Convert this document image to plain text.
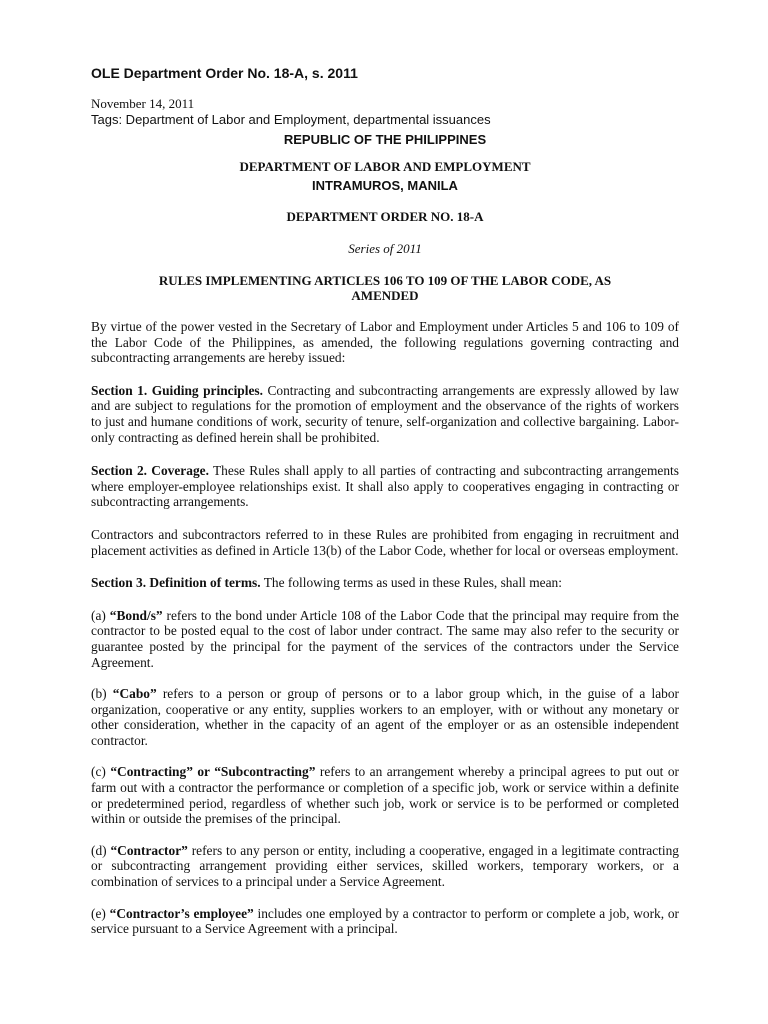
OLE Department Order No. 18-A, s. 2011
November 14, 2011
Tags: Department of Labor and Employment, departmental issuances
REPUBLIC OF THE PHILIPPINES
DEPARTMENT OF LABOR AND EMPLOYMENT
INTRAMUROS, MANILA
DEPARTMENT ORDER NO. 18-A
Series of 2011
RULES IMPLEMENTING ARTICLES 106 TO 109 OF THE LABOR CODE, AS
AMENDED

By virtue of the power vested in the Secretary of Labor and Employment under Articles 5 and 106 to 109 of the Labor Code of the Philippines, as amended, the following regulations governing contracting and subcontracting arrangements are hereby issued:

Section 1. Guiding principles. Contracting and subcontracting arrangements are expressly allowed by law and are subject to regulations for the promotion of employment and the observance of the rights of workers to just and humane conditions of work, security of tenure, self-organization and collective bargaining. Labor-only contracting as defined herein shall be prohibited.

Section 2. Coverage. These Rules shall apply to all parties of contracting and subcontracting arrangements where employer-employee relationships exist. It shall also apply to cooperatives engaging in contracting or subcontracting arrangements.

Contractors and subcontractors referred to in these Rules are prohibited from engaging in recruitment and placement activities as defined in Article 13(b) of the Labor Code, whether for local or overseas employment.

Section 3. Definition of terms. The following terms as used in these Rules, shall mean:

(a) “Bond/s” refers to the bond under Article 108 of the Labor Code that the principal may require from the contractor to be posted equal to the cost of labor under contract. The same may also refer to the security or guarantee posted by the principal for the payment of the services of the contractors under the Service Agreement.

(b) “Cabo” refers to a person or group of persons or to a labor group which, in the guise of a labor organization, cooperative or any entity, supplies workers to an employer, with or without any monetary or other consideration, whether in the capacity of an agent of the employer or as an ostensible independent contractor.

(c) “Contracting” or “Subcontracting” refers to an arrangement whereby a principal agrees to put out or farm out with a contractor the performance or completion of a specific job, work or service within a definite or predetermined period, regardless of whether such job, work or service is to be performed or completed within or outside the premises of the principal.

(d) “Contractor” refers to any person or entity, including a cooperative, engaged in a legitimate contracting or subcontracting arrangement providing either services, skilled workers, temporary workers, or a combination of services to a principal under a Service Agreement.

(e) “Contractor’s employee” includes one employed by a contractor to perform or complete a job, work, or service pursuant to a Service Agreement with a principal.
